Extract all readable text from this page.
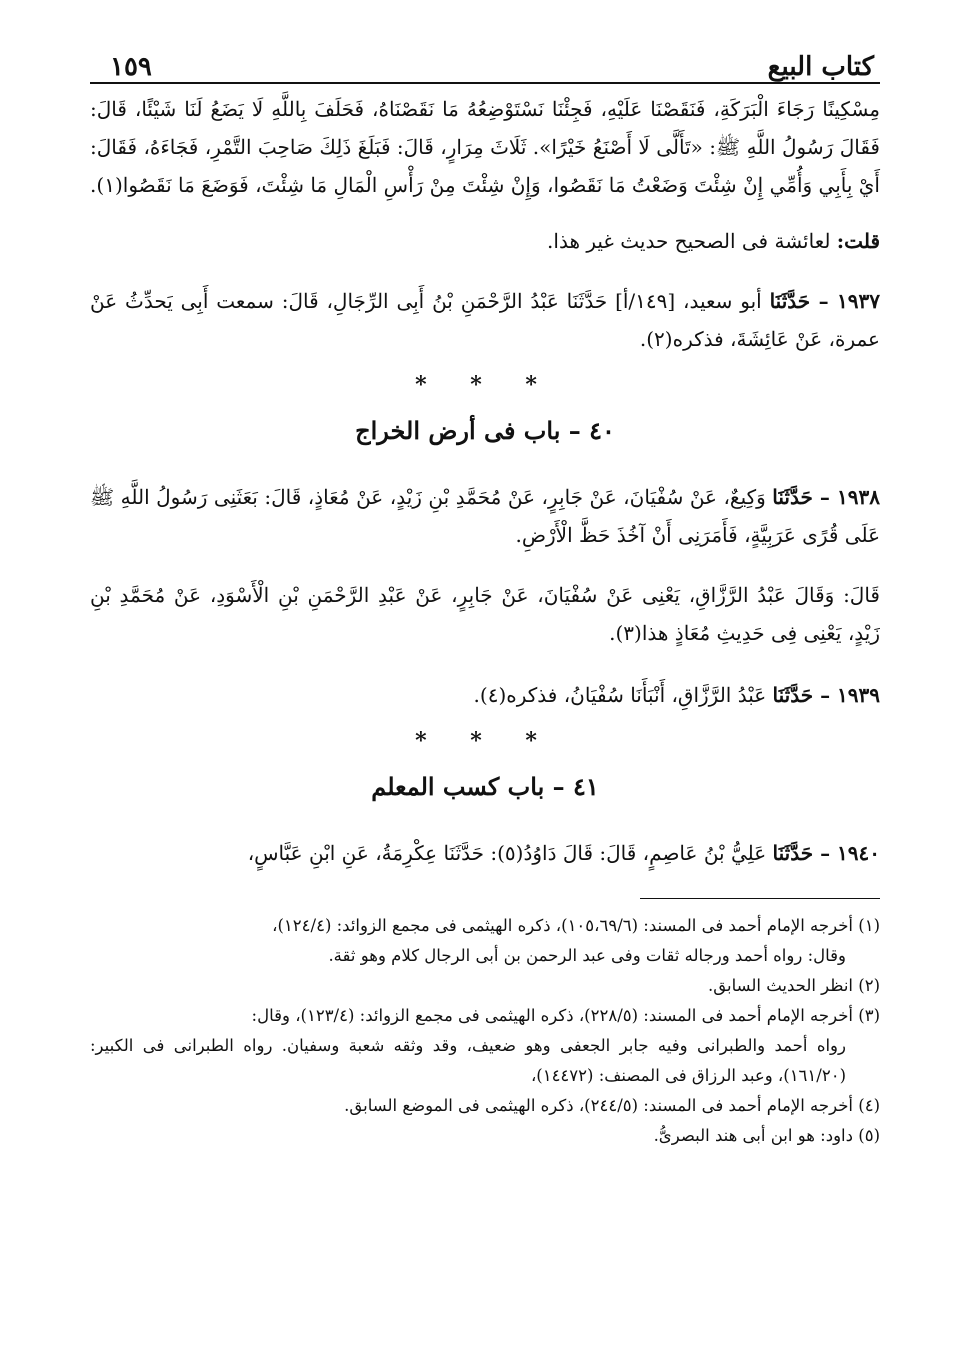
كتاب البيع
١٥٩

مِسْكِينًا رَجَاءَ الْبَرَكَةِ، فَنَقَصْنَا عَلَيْهِ، فَجِئْنَا نَسْتَوْضِعُهُ مَا نَقَصْنَاهُ، فَحَلَفَ بِاللَّهِ لَا يَضَعُ لَنَا شَيْئًا، قَالَ: فَقَالَ رَسُولُ اللَّهِ ﷺ: «تَأَلَّى لَا أَصْنَعُ خَيْرًا». ثَلَاثَ مِرَارٍ، قَالَ: فَبَلَغَ ذَلِكَ صَاحِبَ التَّمْرِ، فَجَاءَهُ، فَقَالَ: أَيْ بِأَبِي وَأُمِّي إِنْ شِئْتَ وَضَعْتُ مَا نَقَصُوا، وَإِنْ شِئْتَ مِنْ رَأْسِ الْمَالِ مَا شِئْتَ، فَوَضَعَ مَا نَقَصُوا(١).

قلت: لعائشة فى الصحيح حديث غير هذا.

١٩٣٧ – حَدَّثَنَا أبو سعيد، [١٤٩/أ] حَدَّثَنَا عَبْدُ الرَّحْمَنِ بْنُ أَبِى الرِّجَالِ، قَالَ: سمعت أَبِى يَحدِّثُ عَنْ عمرة، عَنْ عَائِشَةَ، فذكره(٢).

* * *
٤٠ – باب فى أرض الخراج

١٩٣٨ – حَدَّثَنَا وَكِيعٌ، عَنْ سُفْيَانَ، عَنْ جَابِرٍ، عَنْ مُحَمَّدِ بْنِ زَيْدٍ، عَنْ مُعَاذٍ، قَالَ: بَعَثَنِى رَسُولُ اللَّهِ ﷺ عَلَى قُرًى عَرَبِيَّةٍ، فَأَمَرَنِى أَنْ آخُذَ حَظَّ الْأَرْضِ.

قَالَ: وَقَالَ عَبْدُ الرَّزَّاقِ، يَعْنِى عَنْ سُفْيَانَ، عَنْ جَابِرٍ، عَنْ عَبْدِ الرَّحْمَنِ بْنِ الْأَسْوَدِ، عَنْ مُحَمَّدِ بْنِ زَيْدٍ، يَعْنِى فِى حَدِيثِ مُعَاذٍ هذا(٣).

١٩٣٩ – حَدَّثَنَا عَبْدُ الرَّزَّاقِ، أَنْبَأَنَا سُفْيَانُ، فذكره(٤).

* * *
٤١ – باب كسب المعلم

١٩٤٠ – حَدَّثَنَا عَلِيُّ بْنُ عَاصِمٍ، قَالَ: قَالَ دَاوُدُ(٥): حَدَّثَنَا عِكْرِمَةُ، عَنِ ابْنِ عَبَّاسٍ،

(١) أخرجه الإمام أحمد فى المسند: (١٠٥،٦٩/٦)، ذكره الهيثمى فى مجمع الزوائد: (١٢٤/٤)،
وقال: رواه أحمد ورجاله ثقات وفى عبد الرحمن بن أبى الرجال كلام وهو ثقة.

(٢) انظر الحديث السابق.

(٣) أخرجه الإمام أحمد فى المسند: (٢٢٨/٥)، ذكره الهيثمى فى مجمع الزوائد: (١٢٣/٤)، وقال:
رواه أحمد والطبرانى وفيه جابر الجعفى وهو ضعيف، وقد وثقه شعبة وسفيان. رواه الطبرانى فى الكبير: (١٦١/٢٠)، وعبد الرزاق فى المصنف: (١٤٤٧٢)،

(٤) أخرجه الإمام أحمد فى المسند: (٢٤٤/٥)، ذكره الهيثمى فى الموضع السابق.

(٥) داود: هو ابن أبى هند البصرىُّ.
